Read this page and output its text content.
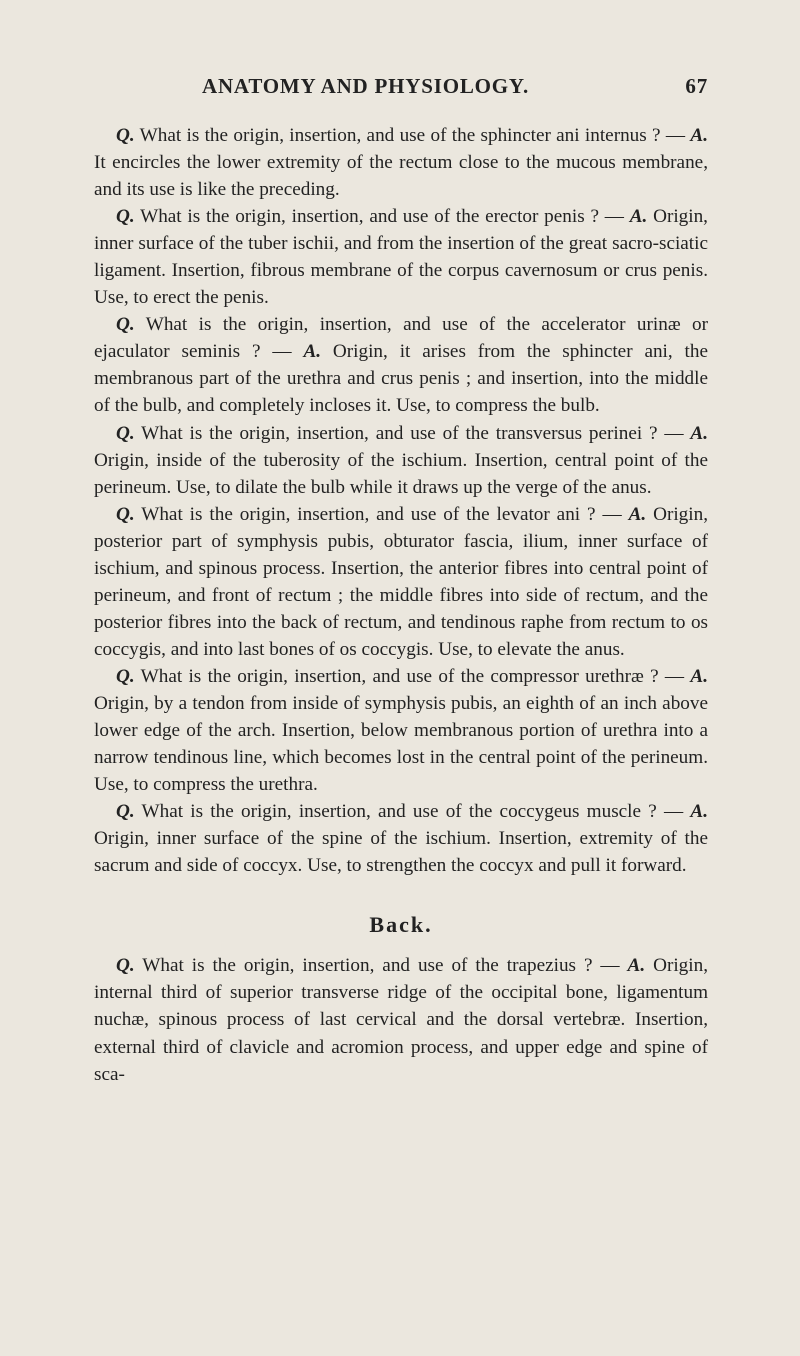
ANATOMY AND PHYSIOLOGY.	67

Q. What is the origin, insertion, and use of the sphincter ani internus ? — A. It encircles the lower extremity of the rectum close to the mucous membrane, and its use is like the preceding.

Q. What is the origin, insertion, and use of the erector penis ? — A. Origin, inner surface of the tuber ischii, and from the insertion of the great sacro-sciatic ligament. Insertion, fibrous membrane of the corpus cavernosum or crus penis. Use, to erect the penis.

Q. What is the origin, insertion, and use of the accelerator urinæ or ejaculator seminis ? — A. Origin, it arises from the sphincter ani, the membranous part of the urethra and crus penis ; and insertion, into the middle of the bulb, and completely incloses it. Use, to compress the bulb.

Q. What is the origin, insertion, and use of the transversus perinei ? — A. Origin, inside of the tuberosity of the ischium. Insertion, central point of the perineum. Use, to dilate the bulb while it draws up the verge of the anus.

Q. What is the origin, insertion, and use of the levator ani ? — A. Origin, posterior part of symphysis pubis, obturator fascia, ilium, inner surface of ischium, and spinous process. Insertion, the anterior fibres into central point of perineum, and front of rectum ; the middle fibres into side of rectum, and the posterior fibres into the back of rectum, and tendinous raphe from rectum to os coccygis, and into last bones of os coccygis. Use, to elevate the anus.

Q. What is the origin, insertion, and use of the compressor urethræ ? — A. Origin, by a tendon from inside of symphysis pubis, an eighth of an inch above lower edge of the arch. Insertion, below membranous portion of urethra into a narrow tendinous line, which becomes lost in the central point of the perineum. Use, to compress the urethra.

Q. What is the origin, insertion, and use of the coccygeus muscle ? — A. Origin, inner surface of the spine of the ischium. Insertion, extremity of the sacrum and side of coccyx. Use, to strengthen the coccyx and pull it forward.

Back.

Q. What is the origin, insertion, and use of the trapezius ? — A. Origin, internal third of superior transverse ridge of the occipital bone, ligamentum nuchæ, spinous process of last cervical and the dorsal vertebræ. Insertion, external third of clavicle and acromion process, and upper edge and spine of sca-
